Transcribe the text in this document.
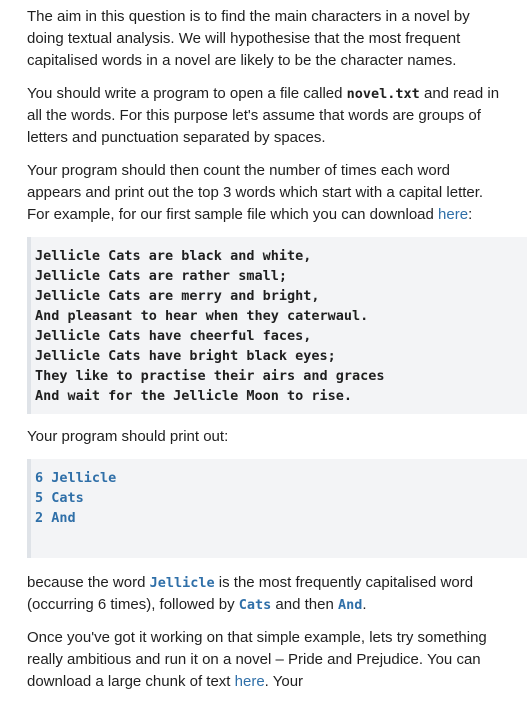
The aim in this question is to find the main characters in a novel by doing textual analysis. We will hypothesise that the most frequent capitalised words in a novel are likely to be the character names.

You should write a program to open a file called novel.txt and read in all the words. For this purpose let's assume that words are groups of letters and punctuation separated by spaces.

Your program should then count the number of times each word appears and print out the top 3 words which start with a capital letter. For example, for our first sample file which you can download here:

Jellicle Cats are black and white,
Jellicle Cats are rather small;
Jellicle Cats are merry and bright,
And pleasant to hear when they caterwaul.
Jellicle Cats have cheerful faces,
Jellicle Cats have bright black eyes;
They like to practise their airs and graces
And wait for the Jellicle Moon to rise.

Your program should print out:

6 Jellicle
5 Cats
2 And

because the word Jellicle is the most frequently capitalised word (occurring 6 times), followed by Cats and then And.

Once you've got it working on that simple example, lets try something really ambitious and run it on a novel – Pride and Prejudice. You can download a large chunk of text here. Your
